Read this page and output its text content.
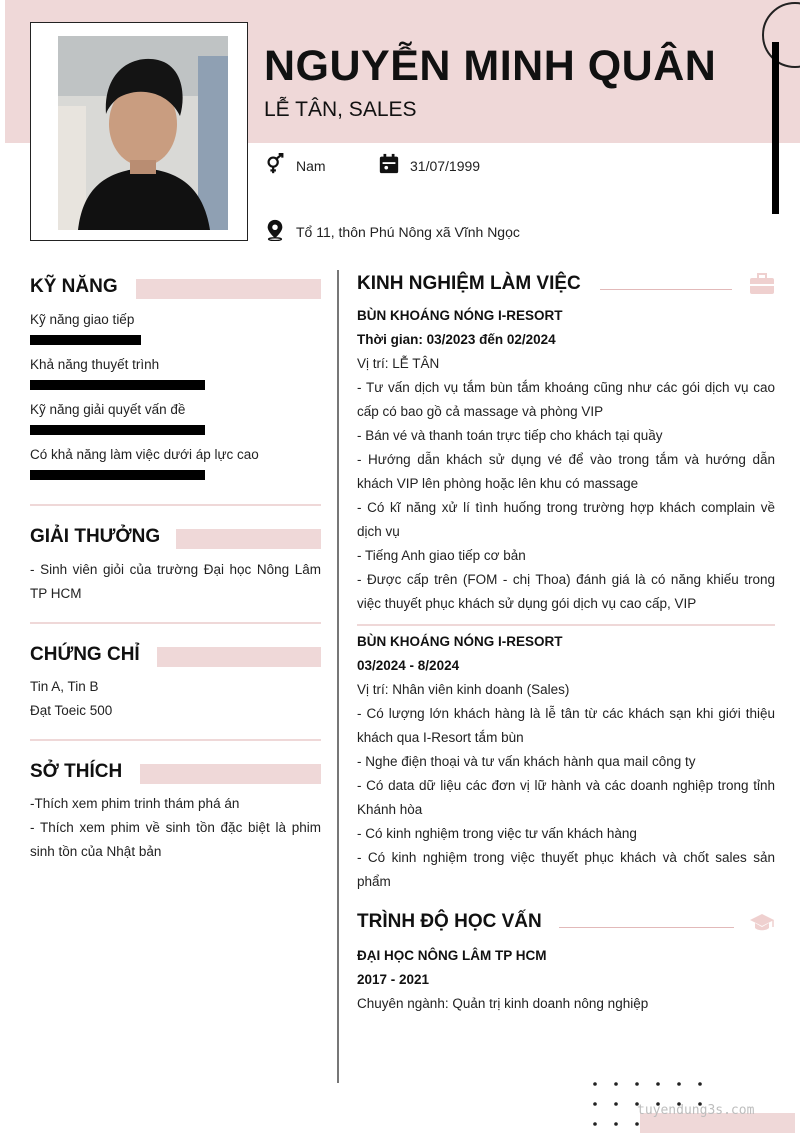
NGUYỄN MINH QUÂN
LỄ TÂN, SALES
Nam	31/07/1999
Tổ 11, thôn Phú Nông xã Vĩnh Ngọc
KỸ NĂNG
Kỹ năng giao tiếp
Khả năng thuyết trình
Kỹ năng giải quyết vấn đề
Có khả năng làm việc dưới áp lực cao
GIẢI THƯỞNG
- Sinh viên giỏi của trường Đại học Nông Lâm TP HCM
CHỨNG CHỈ
Tin A, Tin B
Đạt Toeic 500
SỞ THÍCH
-Thích xem phim trinh thám phá án
- Thích xem phim về sinh tồn đặc biệt là phim sinh tồn của Nhật bản
KINH NGHIỆM LÀM VIỆC
BÙN KHOÁNG NÓNG I-RESORT
Thời gian: 03/2023 đến 02/2024
Vị trí: LỄ TÂN
- Tư vấn dịch vụ tắm bùn tắm khoáng cũng như các gói dịch vụ cao cấp có bao gồ cả massage và phòng VIP
- Bán vé và thanh toán trực tiếp cho khách tại quầy
- Hướng dẫn khách sử dụng vé để vào trong tắm và hướng dẫn khách VIP lên phòng hoặc lên khu có massage
- Có kĩ năng xử lí tình huống trong trường hợp khách complain về dịch vụ
- Tiếng Anh giao tiếp cơ bản
- Được cấp trên (FOM - chị Thoa) đánh giá là có năng khiếu trong việc thuyết phục khách sử dụng gói dịch vụ cao cấp, VIP
BÙN KHOÁNG NÓNG I-RESORT
03/2024 - 8/2024
Vị trí: Nhân viên kinh doanh (Sales)
- Có lượng lớn khách hàng là lễ tân từ các khách sạn khi giới thiệu khách qua I-Resort tắm bùn
- Nghe điện thoại và tư vấn khách hành qua mail công ty
- Có data dữ liệu các đơn vị lữ hành và các doanh nghiệp trong tỉnh Khánh hòa
- Có kinh nghiệm trong việc tư vấn khách hàng
- Có kinh nghiệm trong việc thuyết phục khách và chốt sales sản phẩm
TRÌNH ĐỘ HỌC VẤN
ĐẠI HỌC NÔNG LÂM TP HCM
2017 - 2021
Chuyên ngành: Quản trị kinh doanh nông nghiệp
tuyendung3s.com
